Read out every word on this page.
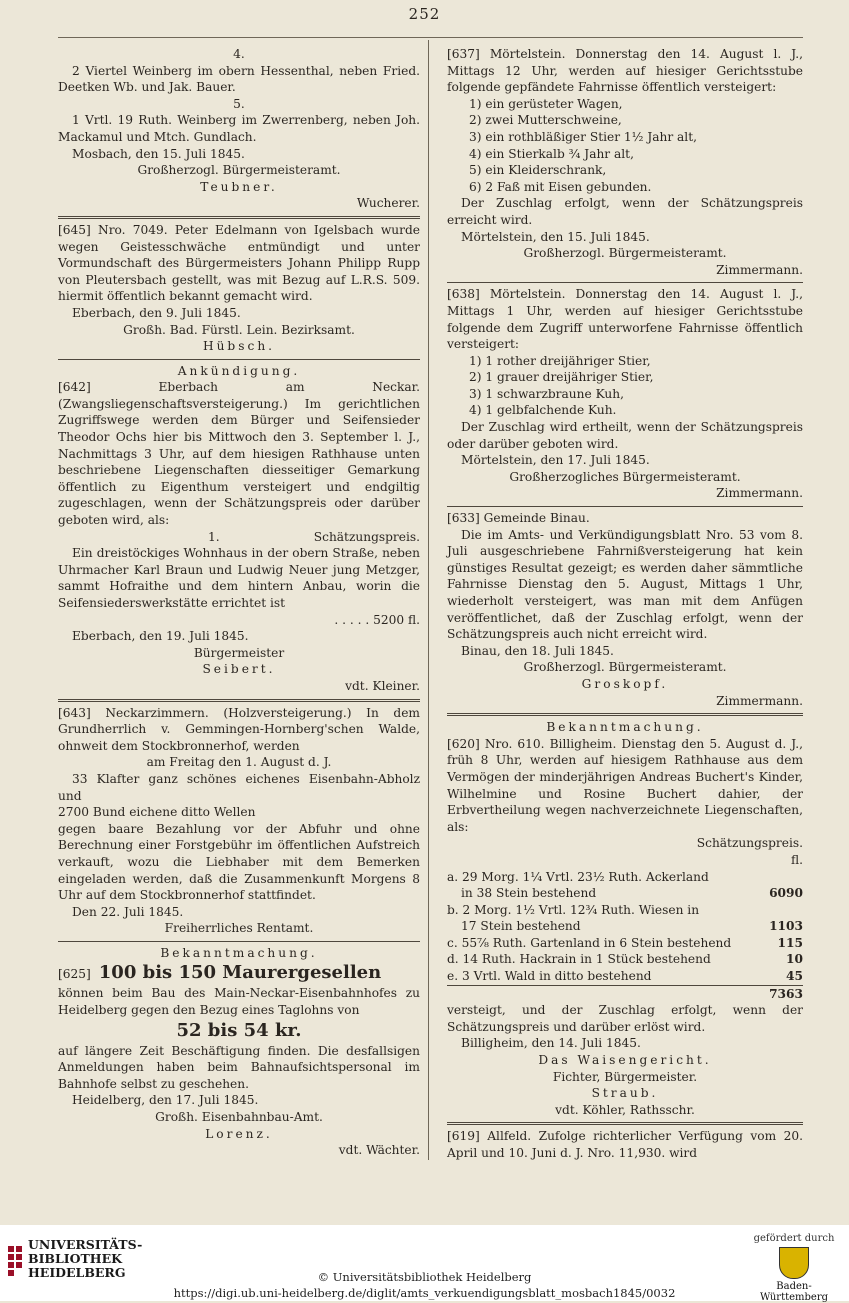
252

4.

2 Viertel Weinberg im obern Hessenthal, neben Fried. Deetken Wb. und Jak. Bauer.

5.

1 Vrtl. 19 Ruth. Weinberg im Zwerrenberg, neben Joh. Mackamul und Mtch. Gundlach.

Mosbach, den 15. Juli 1845.

Großherzogl. Bürgermeisteramt.

Teubner.

Wucherer.

[645] Nro. 7049. Peter Edelmann von Igelsbach wurde wegen Geistesschwäche entmündigt und unter Vormundschaft des Bürgermeisters Johann Philipp Rupp von Pleutersbach gestellt, was mit Bezug auf L.R.S. 509. hiermit öffentlich bekannt gemacht wird.

Eberbach, den 9. Juli 1845.

Großh. Bad. Fürstl. Lein. Bezirksamt.

Hübsch.

Ankündigung.

[642] Eberbach am Neckar. (Zwangsliegenschaftsversteigerung.) Im gerichtlichen Zugriffswege werden dem Bürger und Seifensieder Theodor Ochs hier bis Mittwoch den 3. September l. J., Nachmittags 3 Uhr, auf dem hiesigen Rathhause unten beschriebene Liegenschaften diesseitiger Gemarkung öffentlich zu Eigenthum versteigert und endgiltig zugeschlagen, wenn der Schätzungspreis oder darüber geboten wird, als:

1.	Schätzungspreis.

Ein dreistöckiges Wohnhaus in der obern Straße, neben Uhrmacher Karl Braun und Ludwig Neuer jung Metzger, sammt Hofraithe und dem hintern Anbau, worin die Seifensiederswerkstätte errichtet ist

. . . . . 5200 fl.

Eberbach, den 19. Juli 1845.

Bürgermeister

Seibert.

vdt. Kleiner.

[643] Neckarzimmern. (Holzversteigerung.) In dem Grundherrlich v. Gemmingen-Hornberg'schen Walde, ohnweit dem Stockbronnerhof, werden

am Freitag den 1. August d. J.

33 Klafter ganz schönes eichenes Eisenbahn-Abholz und

2700 Bund eichene ditto Wellen

gegen baare Bezahlung vor der Abfuhr und ohne Berechnung einer Forstgebühr im öffentlichen Aufstreich verkauft, wozu die Liebhaber mit dem Bemerken eingeladen werden, daß die Zusammenkunft Morgens 8 Uhr auf dem Stockbronnerhof stattfindet.

Den 22. Juli 1845.

Freiherrliches Rentamt.

Bekanntmachung.

[625] 100 bis 150 Maurergesellen

können beim Bau des Main-Neckar-Eisenbahnhofes zu Heidelberg gegen den Bezug eines Taglohns von

52 bis 54 kr.

auf längere Zeit Beschäftigung finden. Die desfallsigen Anmeldungen haben beim Bahnaufsichtspersonal im Bahnhofe selbst zu geschehen.

Heidelberg, den 17. Juli 1845.

Großh. Eisenbahnbau-Amt.

Lorenz.

vdt. Wächter.

[637] Mörtelstein. Donnerstag den 14. August l. J., Mittags 12 Uhr, werden auf hiesiger Gerichtsstube folgende gepfändete Fahrnisse öffentlich versteigert:

1) ein gerüsteter Wagen,

2) zwei Mutterschweine,

3) ein rothbläßiger Stier 1½ Jahr alt,

4) ein Stierkalb ¾ Jahr alt,

5) ein Kleiderschrank,

6) 2 Faß mit Eisen gebunden.

Der Zuschlag erfolgt, wenn der Schätzungspreis erreicht wird.

Mörtelstein, den 15. Juli 1845.

Großherzogl. Bürgermeisteramt.

Zimmermann.

[638] Mörtelstein. Donnerstag den 14. August l. J., Mittags 1 Uhr, werden auf hiesiger Gerichtsstube folgende dem Zugriff unterworfene Fahrnisse öffentlich versteigert:

1) 1 rother dreijähriger Stier,

2) 1 grauer dreijähriger Stier,

3) 1 schwarzbraune Kuh,

4) 1 gelbfalchende Kuh.

Der Zuschlag wird ertheilt, wenn der Schätzungspreis oder darüber geboten wird.

Mörtelstein, den 17. Juli 1845.

Großherzogliches Bürgermeisteramt.

Zimmermann.

[633] Gemeinde Binau.

Die im Amts- und Verkündigungsblatt Nro. 53 vom 8. Juli ausgeschriebene Fahrnißversteigerung hat kein günstiges Resultat gezeigt; es werden daher sämmtliche Fahrnisse Dienstag den 5. August, Mittags 1 Uhr, wiederholt versteigert, was man mit dem Anfügen veröffentlichet, daß der Zuschlag erfolgt, wenn der Schätzungspreis auch nicht erreicht wird.

Binau, den 18. Juli 1845.

Großherzogl. Bürgermeisteramt.

Groskopf.

Zimmermann.

Bekanntmachung.

[620] Nro. 610. Billigheim. Dienstag den 5. August d. J., früh 8 Uhr, werden auf hiesigem Rathhause aus dem Vermögen der minderjährigen Andreas Buchert's Kinder, Wilhelmine und Rosine Buchert dahier, der Erbvertheilung wegen nachverzeichnete Liegenschaften, als:

Schätzungspreis.

fl.

a. 29 Morg. 1¼ Vrtl. 23½ Ruth. Ackerland
in 38 Stein bestehend	6090
b. 2 Morg. 1½ Vrtl. 12¾ Ruth. Wiesen in
17 Stein bestehend	1103
c. 55⅞ Ruth. Gartenland in 6 Stein bestehend	115
d. 14 Ruth. Hackrain in 1 Stück bestehend	10
e. 3 Vrtl. Wald in ditto bestehend	45

7363

versteigt, und der Zuschlag erfolgt, wenn der Schätzungspreis und darüber erlöst wird.

Billigheim, den 14. Juli 1845.

Das Waisengericht.

Fichter, Bürgermeister.

Straub.

vdt. Köhler, Rathsschr.

[619] Allfeld. Zufolge richterlicher Verfügung vom 20. April und 10. Juni d. J. Nro. 11,930. wird

UNIVERSITÄTS-
BIBLIOTHEK
HEIDELBERG	© Universitätsbibliothek Heidelberg
https://digi.ub.uni-heidelberg.de/diglit/amts_verkuendigungsblatt_mosbach1845/0032
gefördert durch
Baden-Württemberg
